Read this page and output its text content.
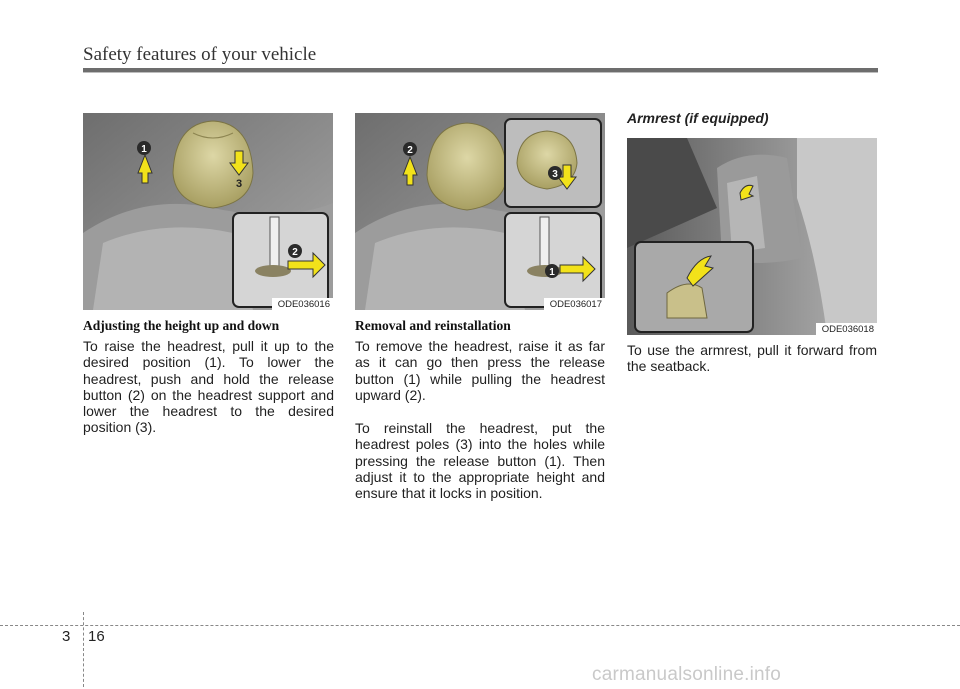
Safety features of your vehicle
1
2
3
ODE036016
2
3
1
ODE036017
ODE036018
Adjusting the height up and down
To raise the headrest, pull it up to the desired position (1). To lower the headrest, push and hold the release button (2) on the headrest support and lower the headrest to the desired position (3).
Removal and reinstallation
To remove the headrest, raise it as far as it can go then press the release button (1) while pulling the headrest upward (2).
To reinstall the headrest, put the headrest poles (3) into the holes while pressing the release button (1). Then adjust it to the appropriate height and ensure that it locks in position.
Armrest (if equipped)
To use the armrest, pull it forward from the seatback.
3 16
carmanualsonline.info
